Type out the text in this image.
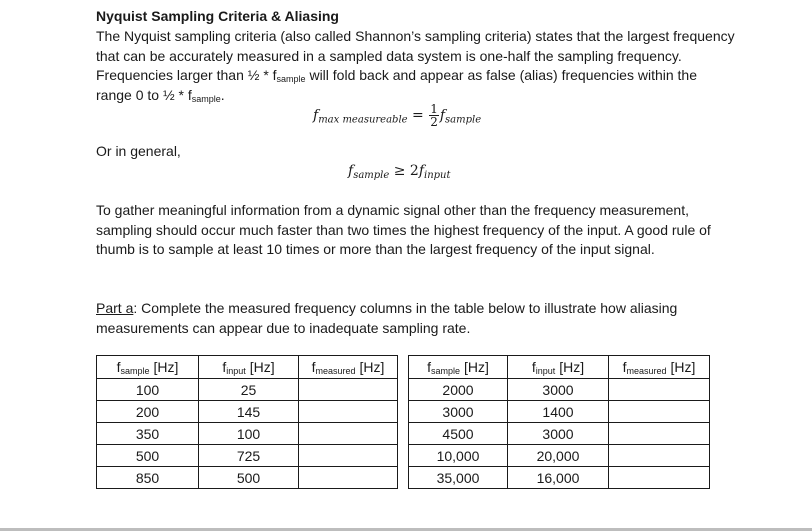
Nyquist Sampling Criteria & Aliasing
The Nyquist sampling criteria (also called Shannon’s sampling criteria) states that the largest frequency that can be accurately measured in a sampled data system is one-half the sampling frequency. Frequencies larger than ½ * $f_{sample}$ will fold back and appear as false (alias) frequencies within the range 0 to ½ * $f_{sample}$.
$f_{max measureable} = \frac{1}{2} f_{sample}$
Or in general,
$f_{sample} \ge 2f_{input}$
To gather meaningful information from a dynamic signal other than the frequency measurement, sampling should occur much faster than two times the highest frequency of the input. A good rule of thumb is to sample at least 10 times or more than the largest frequency of the input signal.
Part a: Complete the measured frequency columns in the table below to illustrate how aliasing measurements can appear due to inadequate sampling rate.
$f_{sample}$ [Hz]	$f_{input}$ [Hz]	$f_{measured}$ [Hz]		$f_{sample}$ [Hz]	$f_{input}$ [Hz]	$f_{measured}$ [Hz]
100	25			2000	3000	
200	145			3000	1400	
350	100			4500	3000	
500	725			10,000	20,000	
850	500			35,000	16,000	
